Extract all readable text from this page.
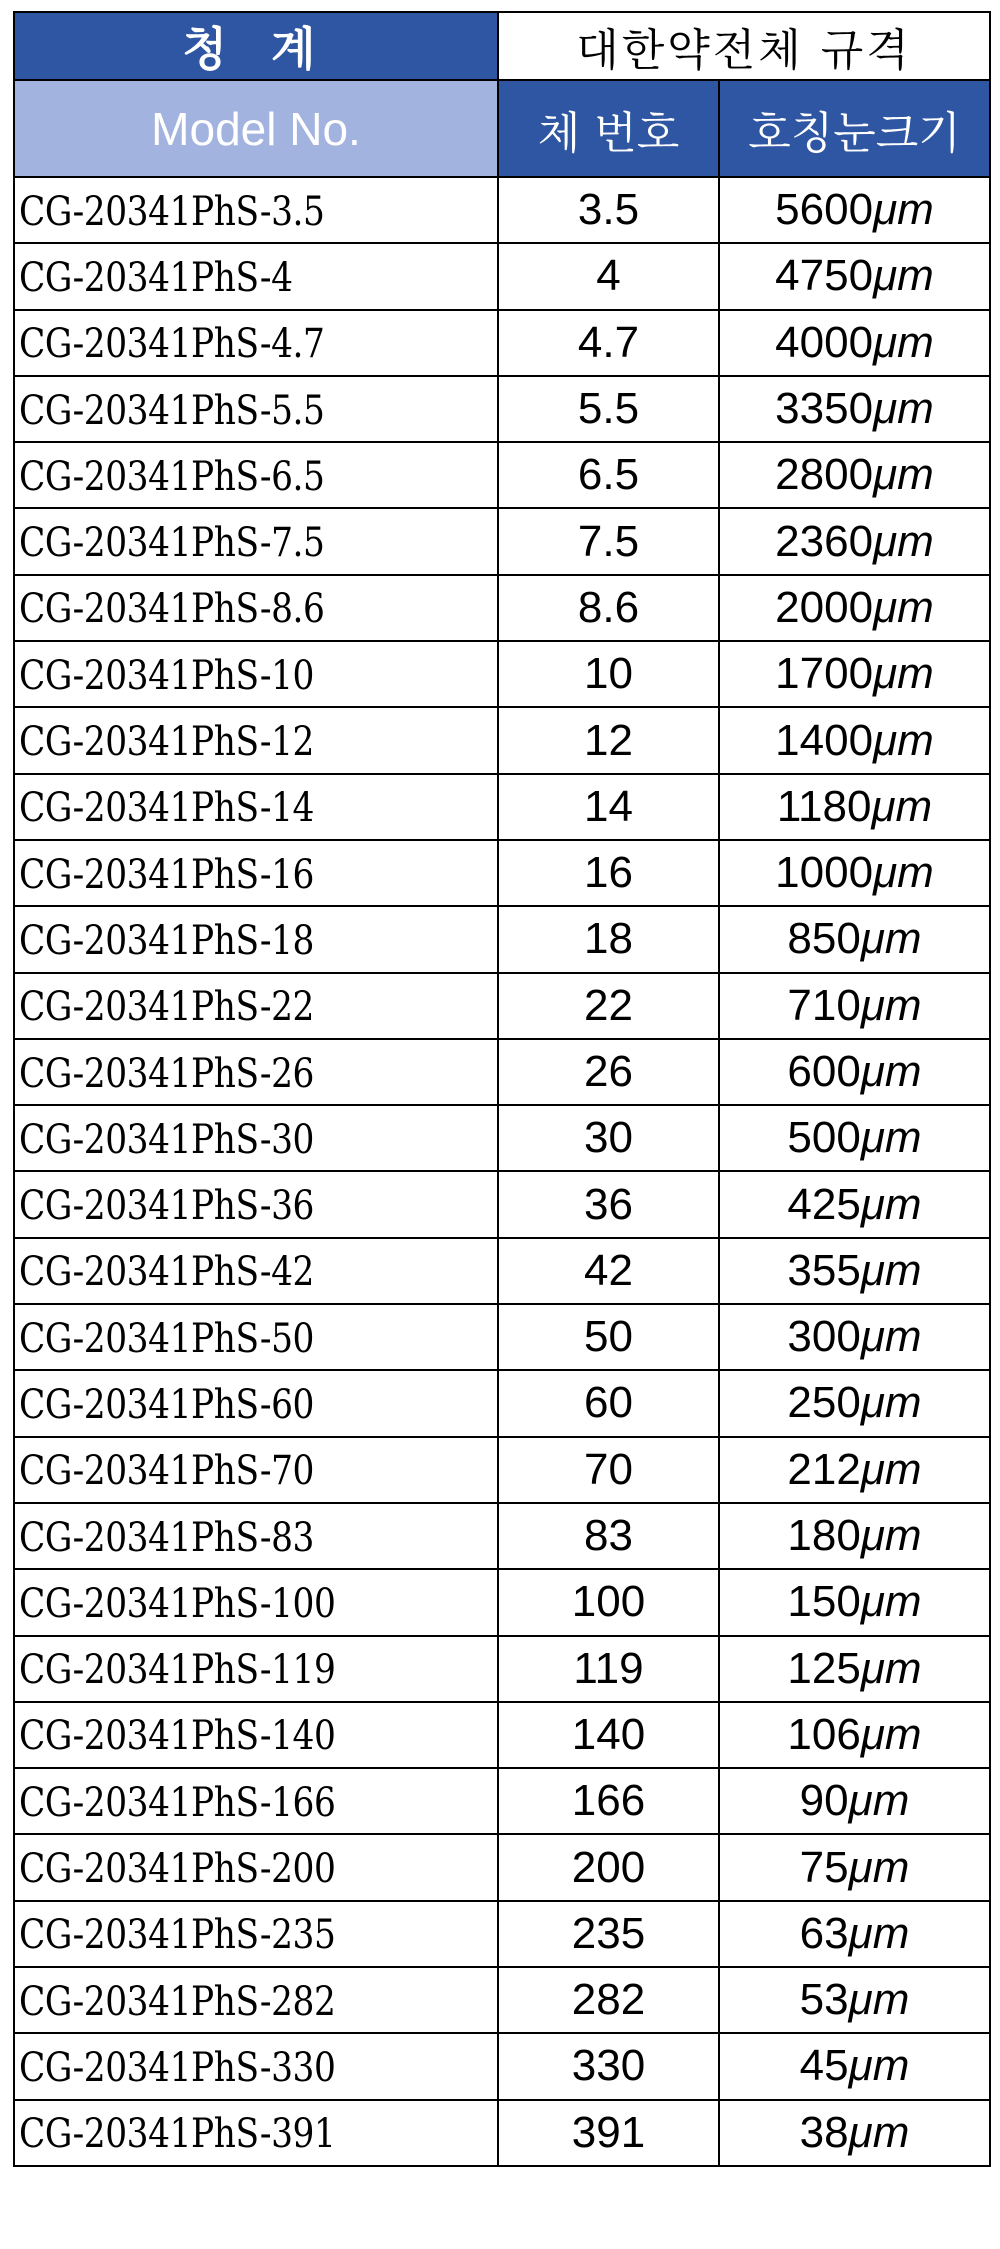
청 계	대한약전체 규격	
Model No.	체 번호	호칭눈크기
CG-20341PhS-3.5	3.5	5600μm
CG-20341PhS-4	4	4750μm
CG-20341PhS-4.7	4.7	4000μm
CG-20341PhS-5.5	5.5	3350μm
CG-20341PhS-6.5	6.5	2800μm
CG-20341PhS-7.5	7.5	2360μm
CG-20341PhS-8.6	8.6	2000μm
CG-20341PhS-10	10	1700μm
CG-20341PhS-12	12	1400μm
CG-20341PhS-14	14	1180μm
CG-20341PhS-16	16	1000μm
CG-20341PhS-18	18	850μm
CG-20341PhS-22	22	710μm
CG-20341PhS-26	26	600μm
CG-20341PhS-30	30	500μm
CG-20341PhS-36	36	425μm
CG-20341PhS-42	42	355μm
CG-20341PhS-50	50	300μm
CG-20341PhS-60	60	250μm
CG-20341PhS-70	70	212μm
CG-20341PhS-83	83	180μm
CG-20341PhS-100	100	150μm
CG-20341PhS-119	119	125μm
CG-20341PhS-140	140	106μm
CG-20341PhS-166	166	90μm
CG-20341PhS-200	200	75μm
CG-20341PhS-235	235	63μm
CG-20341PhS-282	282	53μm
CG-20341PhS-330	330	45μm
CG-20341PhS-391	391	38μm
